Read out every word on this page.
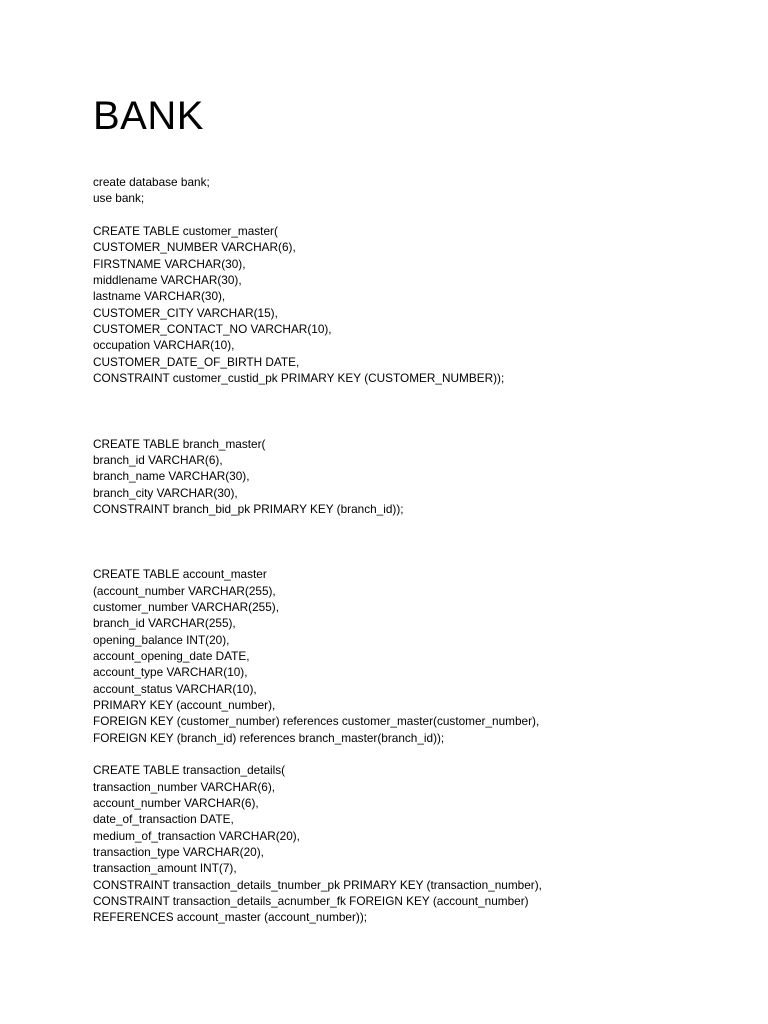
BANK
create database bank;
use bank;
CREATE TABLE customer_master(
CUSTOMER_NUMBER VARCHAR(6),
FIRSTNAME VARCHAR(30),
middlename VARCHAR(30),
lastname VARCHAR(30),
CUSTOMER_CITY VARCHAR(15),
CUSTOMER_CONTACT_NO VARCHAR(10),
occupation VARCHAR(10),
CUSTOMER_DATE_OF_BIRTH DATE,
CONSTRAINT customer_custid_pk PRIMARY KEY (CUSTOMER_NUMBER));
CREATE TABLE branch_master(
branch_id VARCHAR(6),
branch_name VARCHAR(30),
branch_city VARCHAR(30),
CONSTRAINT branch_bid_pk PRIMARY KEY (branch_id));
CREATE TABLE account_master
(account_number VARCHAR(255),
customer_number VARCHAR(255),
branch_id VARCHAR(255),
opening_balance INT(20),
account_opening_date DATE,
account_type VARCHAR(10),
account_status VARCHAR(10),
PRIMARY KEY (account_number),
FOREIGN KEY (customer_number) references customer_master(customer_number),
FOREIGN KEY (branch_id) references branch_master(branch_id));
CREATE TABLE transaction_details(
transaction_number VARCHAR(6),
account_number VARCHAR(6),
date_of_transaction DATE,
medium_of_transaction VARCHAR(20),
transaction_type VARCHAR(20),
transaction_amount INT(7),
CONSTRAINT transaction_details_tnumber_pk PRIMARY KEY (transaction_number),
CONSTRAINT transaction_details_acnumber_fk FOREIGN KEY (account_number)
REFERENCES account_master (account_number));
